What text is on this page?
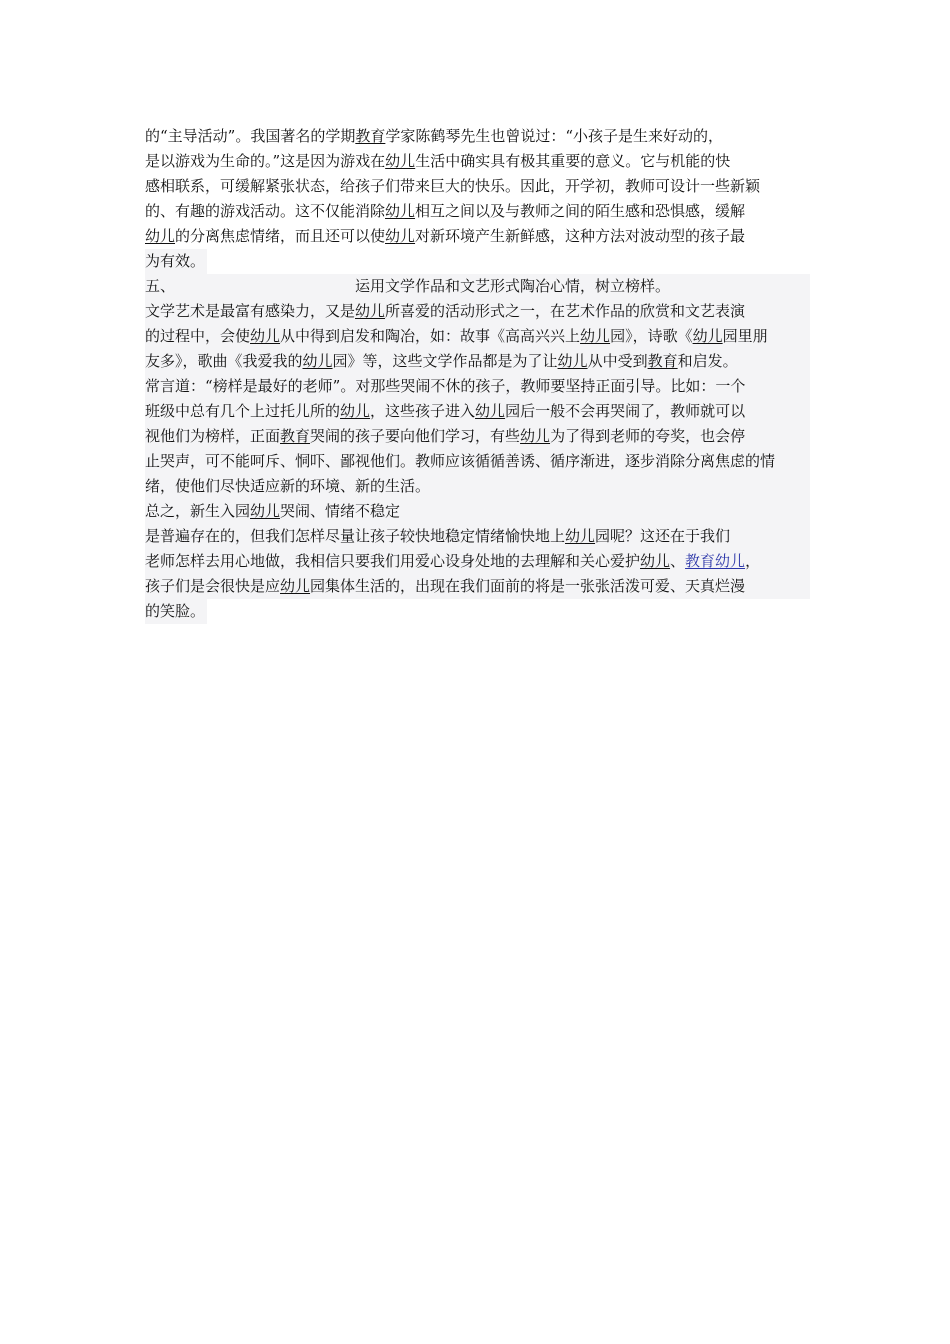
的“主导活动”。我国著名的学期教育学家陈鹤琴先生也曾说过：“小孩子是生来好动的，
是以游戏为生命的。”这是因为游戏在幼儿生活中确实具有极其重要的意义。它与机能的快
感相联系，可缓解紧张状态，给孩子们带来巨大的快乐。因此，开学初，教师可设计一些新颖
的、有趣的游戏活动。这不仅能消除幼儿相互之间以及与教师之间的陌生感和恐惧感，缓解
幼儿的分离焦虑情绪，而且还可以使幼儿对新环境产生新鲜感，这种方法对波动型的孩子最
为有效。
五、	运用文学作品和文艺形式陶冶心情，树立榜样。
文学艺术是最富有感染力，又是幼儿所喜爱的活动形式之一，在艺术作品的欣赏和文艺表演
的过程中，会使幼儿从中得到启发和陶冶，如：故事《高高兴兴上幼儿园》，诗歌《幼儿园里朋
友多》，歌曲《我爱我的幼儿园》等，这些文学作品都是为了让幼儿从中受到教育和启发。
常言道：“榜样是最好的老师”。对那些哭闹不休的孩子，教师要坚持正面引导。比如：一个
班级中总有几个上过托儿所的幼儿，这些孩子进入幼儿园后一般不会再哭闹了，教师就可以
视他们为榜样，正面教育哭闹的孩子要向他们学习，有些幼儿为了得到老师的夸奖，也会停
止哭声，可不能呵斥、恫吓、鄙视他们。教师应该循循善诱、循序渐进，逐步消除分离焦虑的情
绪，使他们尽快适应新的环境、新的生活。
总之，新生入园幼儿哭闹、情绪不稳定
是普遍存在的，但我们怎样尽量让孩子较快地稳定情绪愉快地上幼儿园呢？这还在于我们
老师怎样去用心地做，我相信只要我们用爱心设身处地的去理解和关心爱护幼儿、教育幼儿，
孩子们是会很快是应幼儿园集体生活的，出现在我们面前的将是一张张活泼可爱、天真烂漫
的笑脸。
